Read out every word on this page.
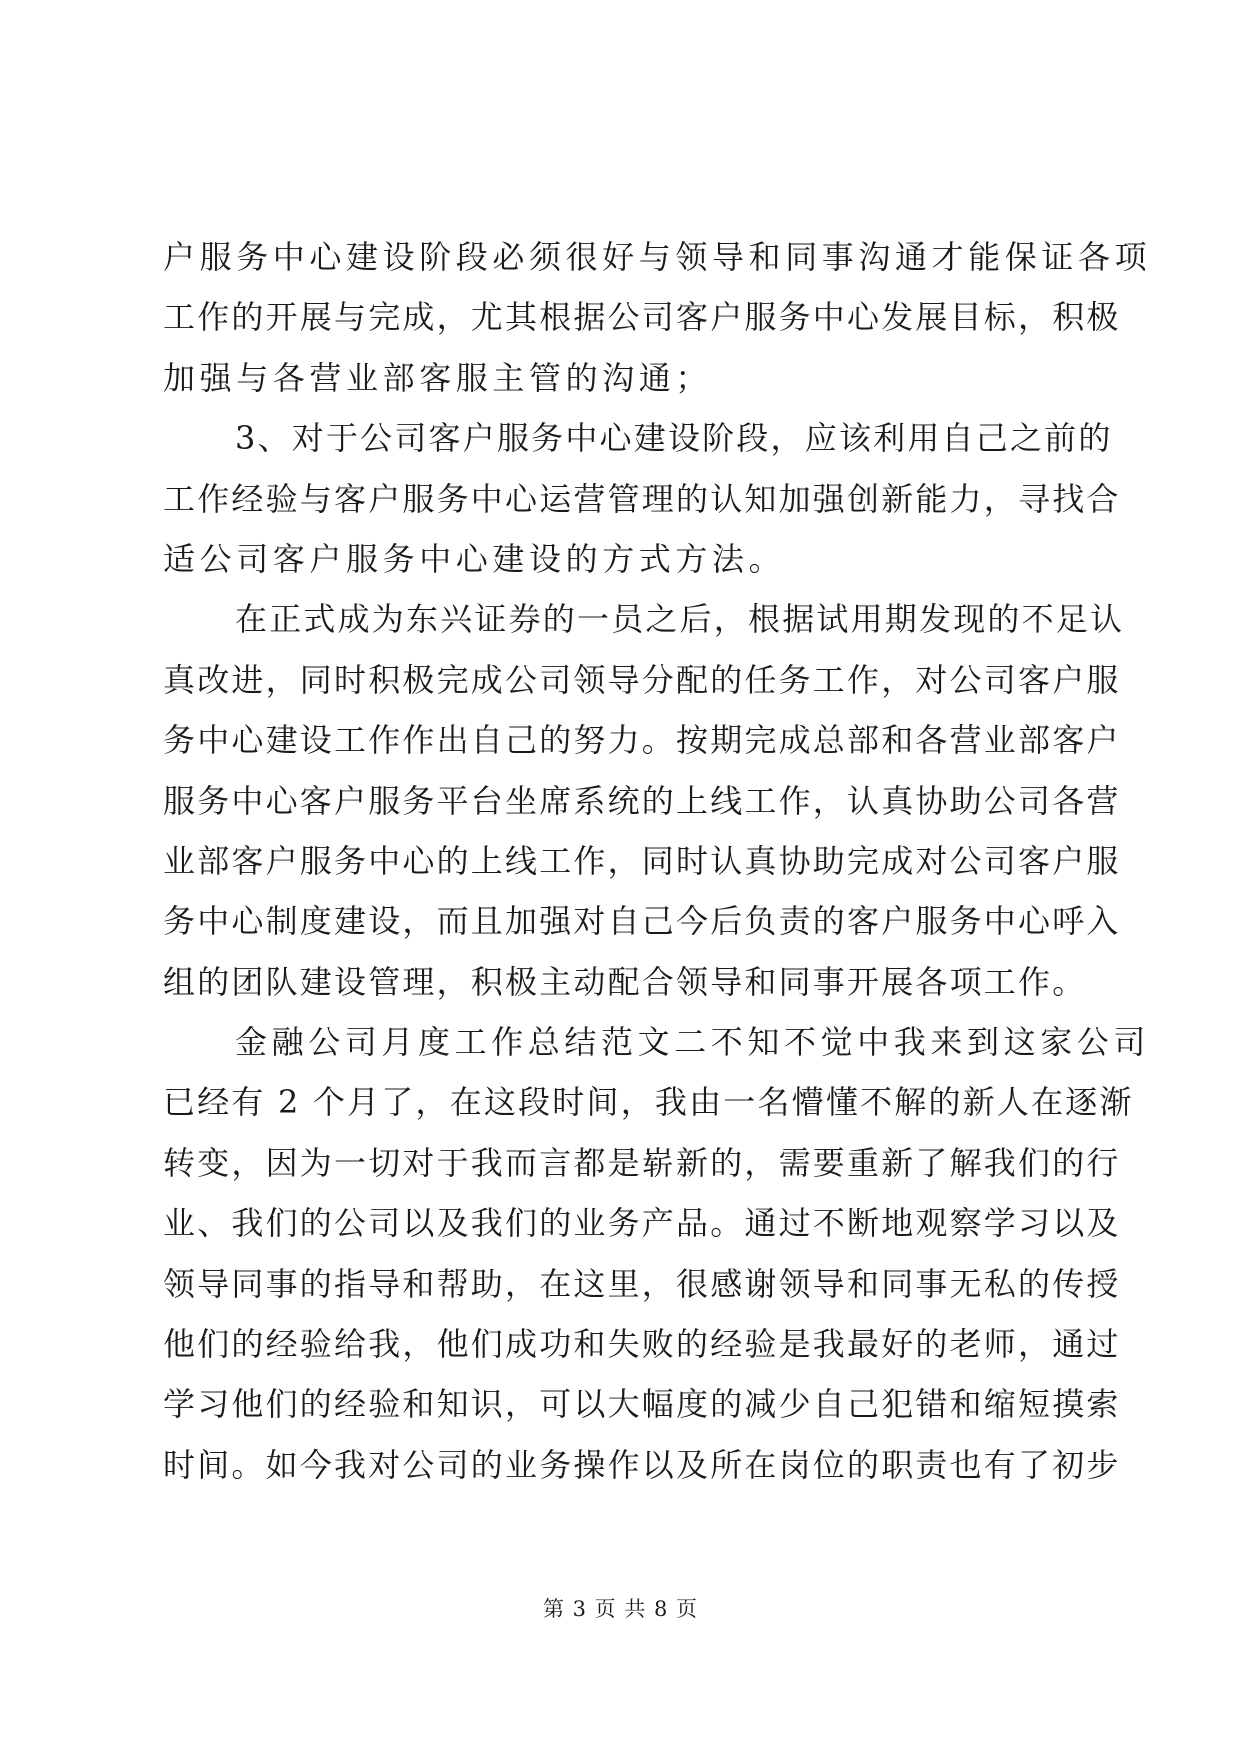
户服务中心建设阶段必须很好与领导和同事沟通才能保证各项
工作的开展与完成，尤其根据公司客户服务中心发展目标，积极
加强与各营业部客服主管的沟通；
3、对于公司客户服务中心建设阶段，应该利用自己之前的
工作经验与客户服务中心运营管理的认知加强创新能力，寻找合
适公司客户服务中心建设的方式方法。
在正式成为东兴证券的一员之后，根据试用期发现的不足认
真改进，同时积极完成公司领导分配的任务工作，对公司客户服
务中心建设工作作出自己的努力。按期完成总部和各营业部客户
服务中心客户服务平台坐席系统的上线工作，认真协助公司各营
业部客户服务中心的上线工作，同时认真协助完成对公司客户服
务中心制度建设，而且加强对自己今后负责的客户服务中心呼入
组的团队建设管理，积极主动配合领导和同事开展各项工作。
金融公司月度工作总结范文二不知不觉中我来到这家公司
已经有 2 个月了，在这段时间，我由一名懵懂不解的新人在逐渐
转变，因为一切对于我而言都是崭新的，需要重新了解我们的行
业、我们的公司以及我们的业务产品。通过不断地观察学习以及
领导同事的指导和帮助，在这里，很感谢领导和同事无私的传授
他们的经验给我，他们成功和失败的经验是我最好的老师，通过
学习他们的经验和知识，可以大幅度的减少自己犯错和缩短摸索
时间。如今我对公司的业务操作以及所在岗位的职责也有了初步
第 3 页 共 8 页
